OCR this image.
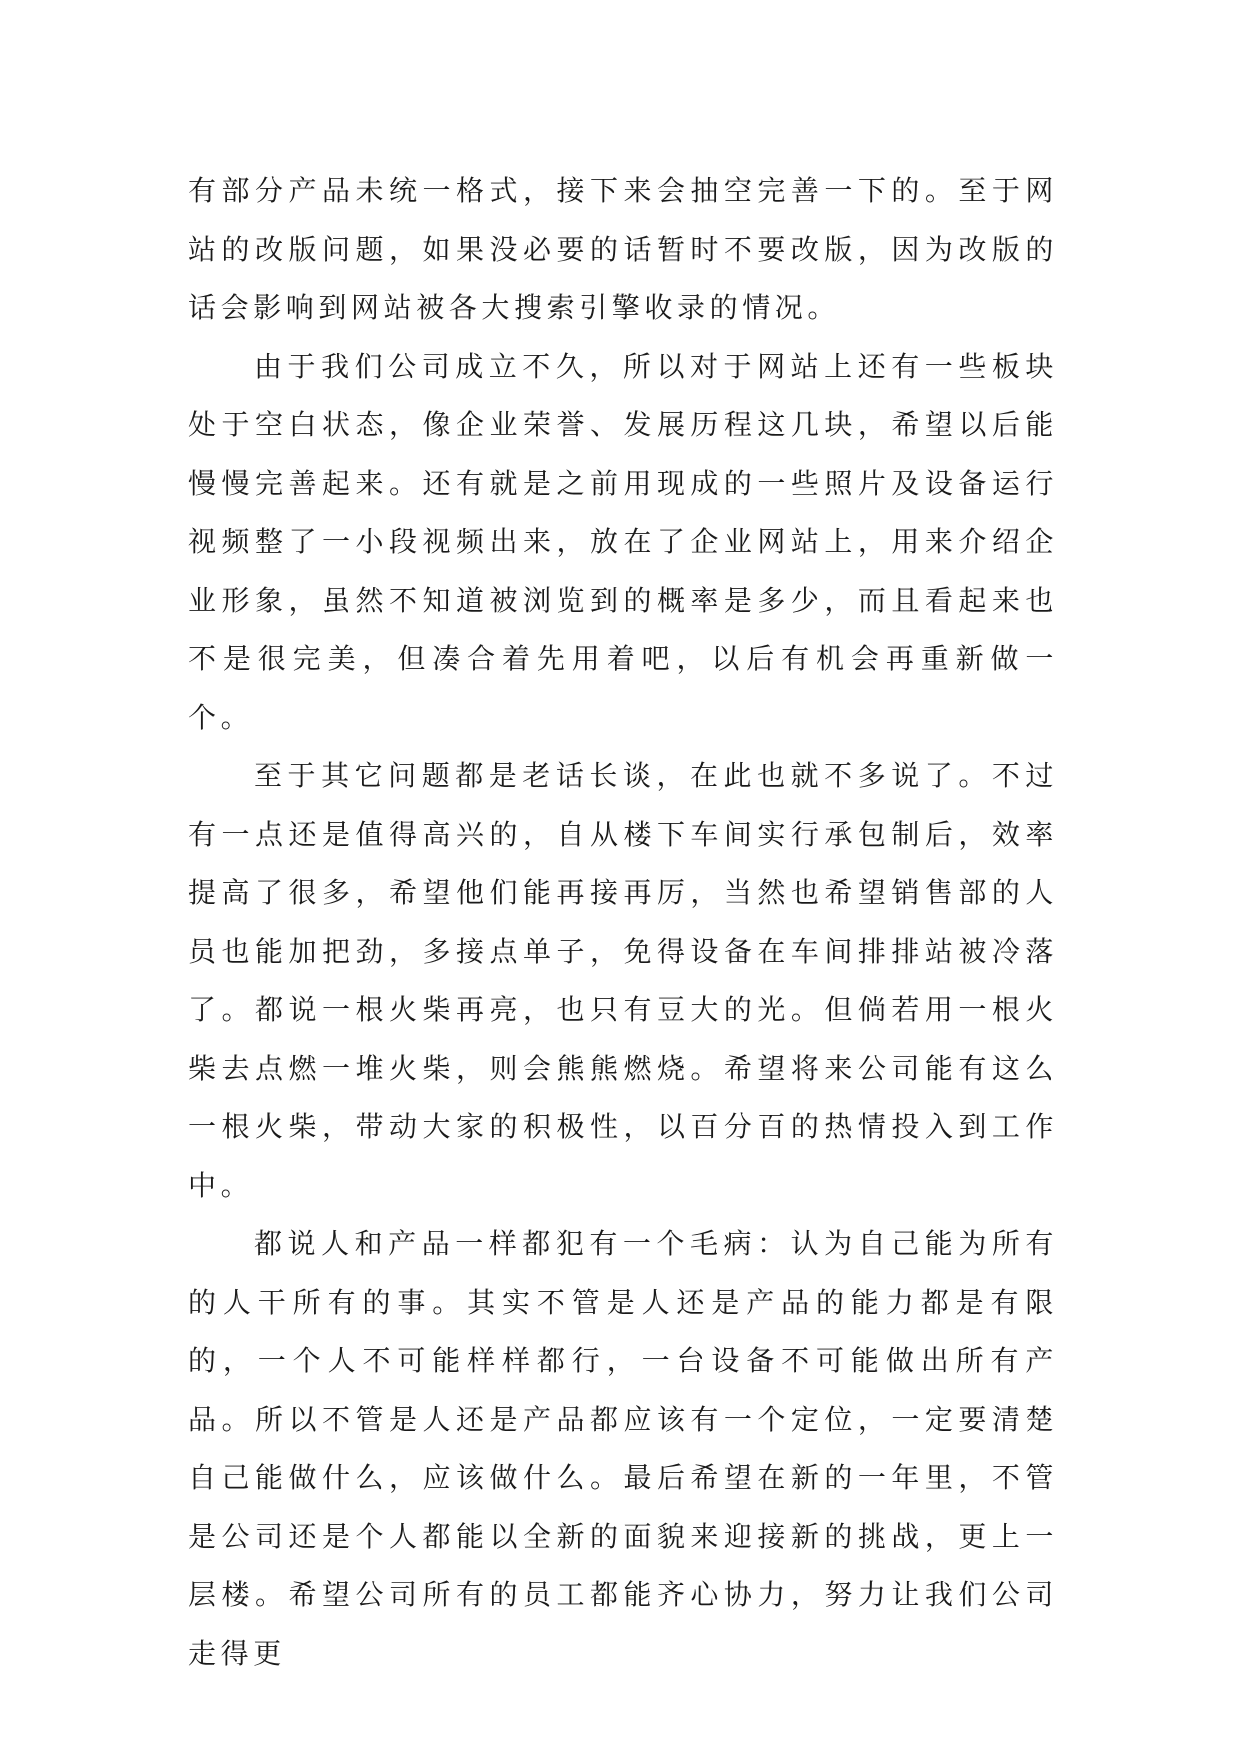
有部分产品未统一格式，接下来会抽空完善一下的。至于网站的改版问题，如果没必要的话暂时不要改版，因为改版的话会影响到网站被各大搜索引擎收录的情况。

由于我们公司成立不久，所以对于网站上还有一些板块处于空白状态，像企业荣誉、发展历程这几块，希望以后能慢慢完善起来。还有就是之前用现成的一些照片及设备运行视频整了一小段视频出来，放在了企业网站上，用来介绍企业形象，虽然不知道被浏览到的概率是多少，而且看起来也不是很完美，但凑合着先用着吧，以后有机会再重新做一个。

至于其它问题都是老话长谈，在此也就不多说了。不过有一点还是值得高兴的，自从楼下车间实行承包制后，效率提高了很多，希望他们能再接再厉，当然也希望销售部的人员也能加把劲，多接点单子，免得设备在车间排排站被冷落了。都说一根火柴再亮，也只有豆大的光。但倘若用一根火柴去点燃一堆火柴，则会熊熊燃烧。希望将来公司能有这么一根火柴，带动大家的积极性，以百分百的热情投入到工作中。

都说人和产品一样都犯有一个毛病：认为自己能为所有的人干所有的事。其实不管是人还是产品的能力都是有限的，一个人不可能样样都行，一台设备不可能做出所有产品。所以不管是人还是产品都应该有一个定位，一定要清楚自己能做什么，应该做什么。最后希望在新的一年里，不管是公司还是个人都能以全新的面貌来迎接新的挑战，更上一层楼。希望公司所有的员工都能齐心协力，努力让我们公司走得更
